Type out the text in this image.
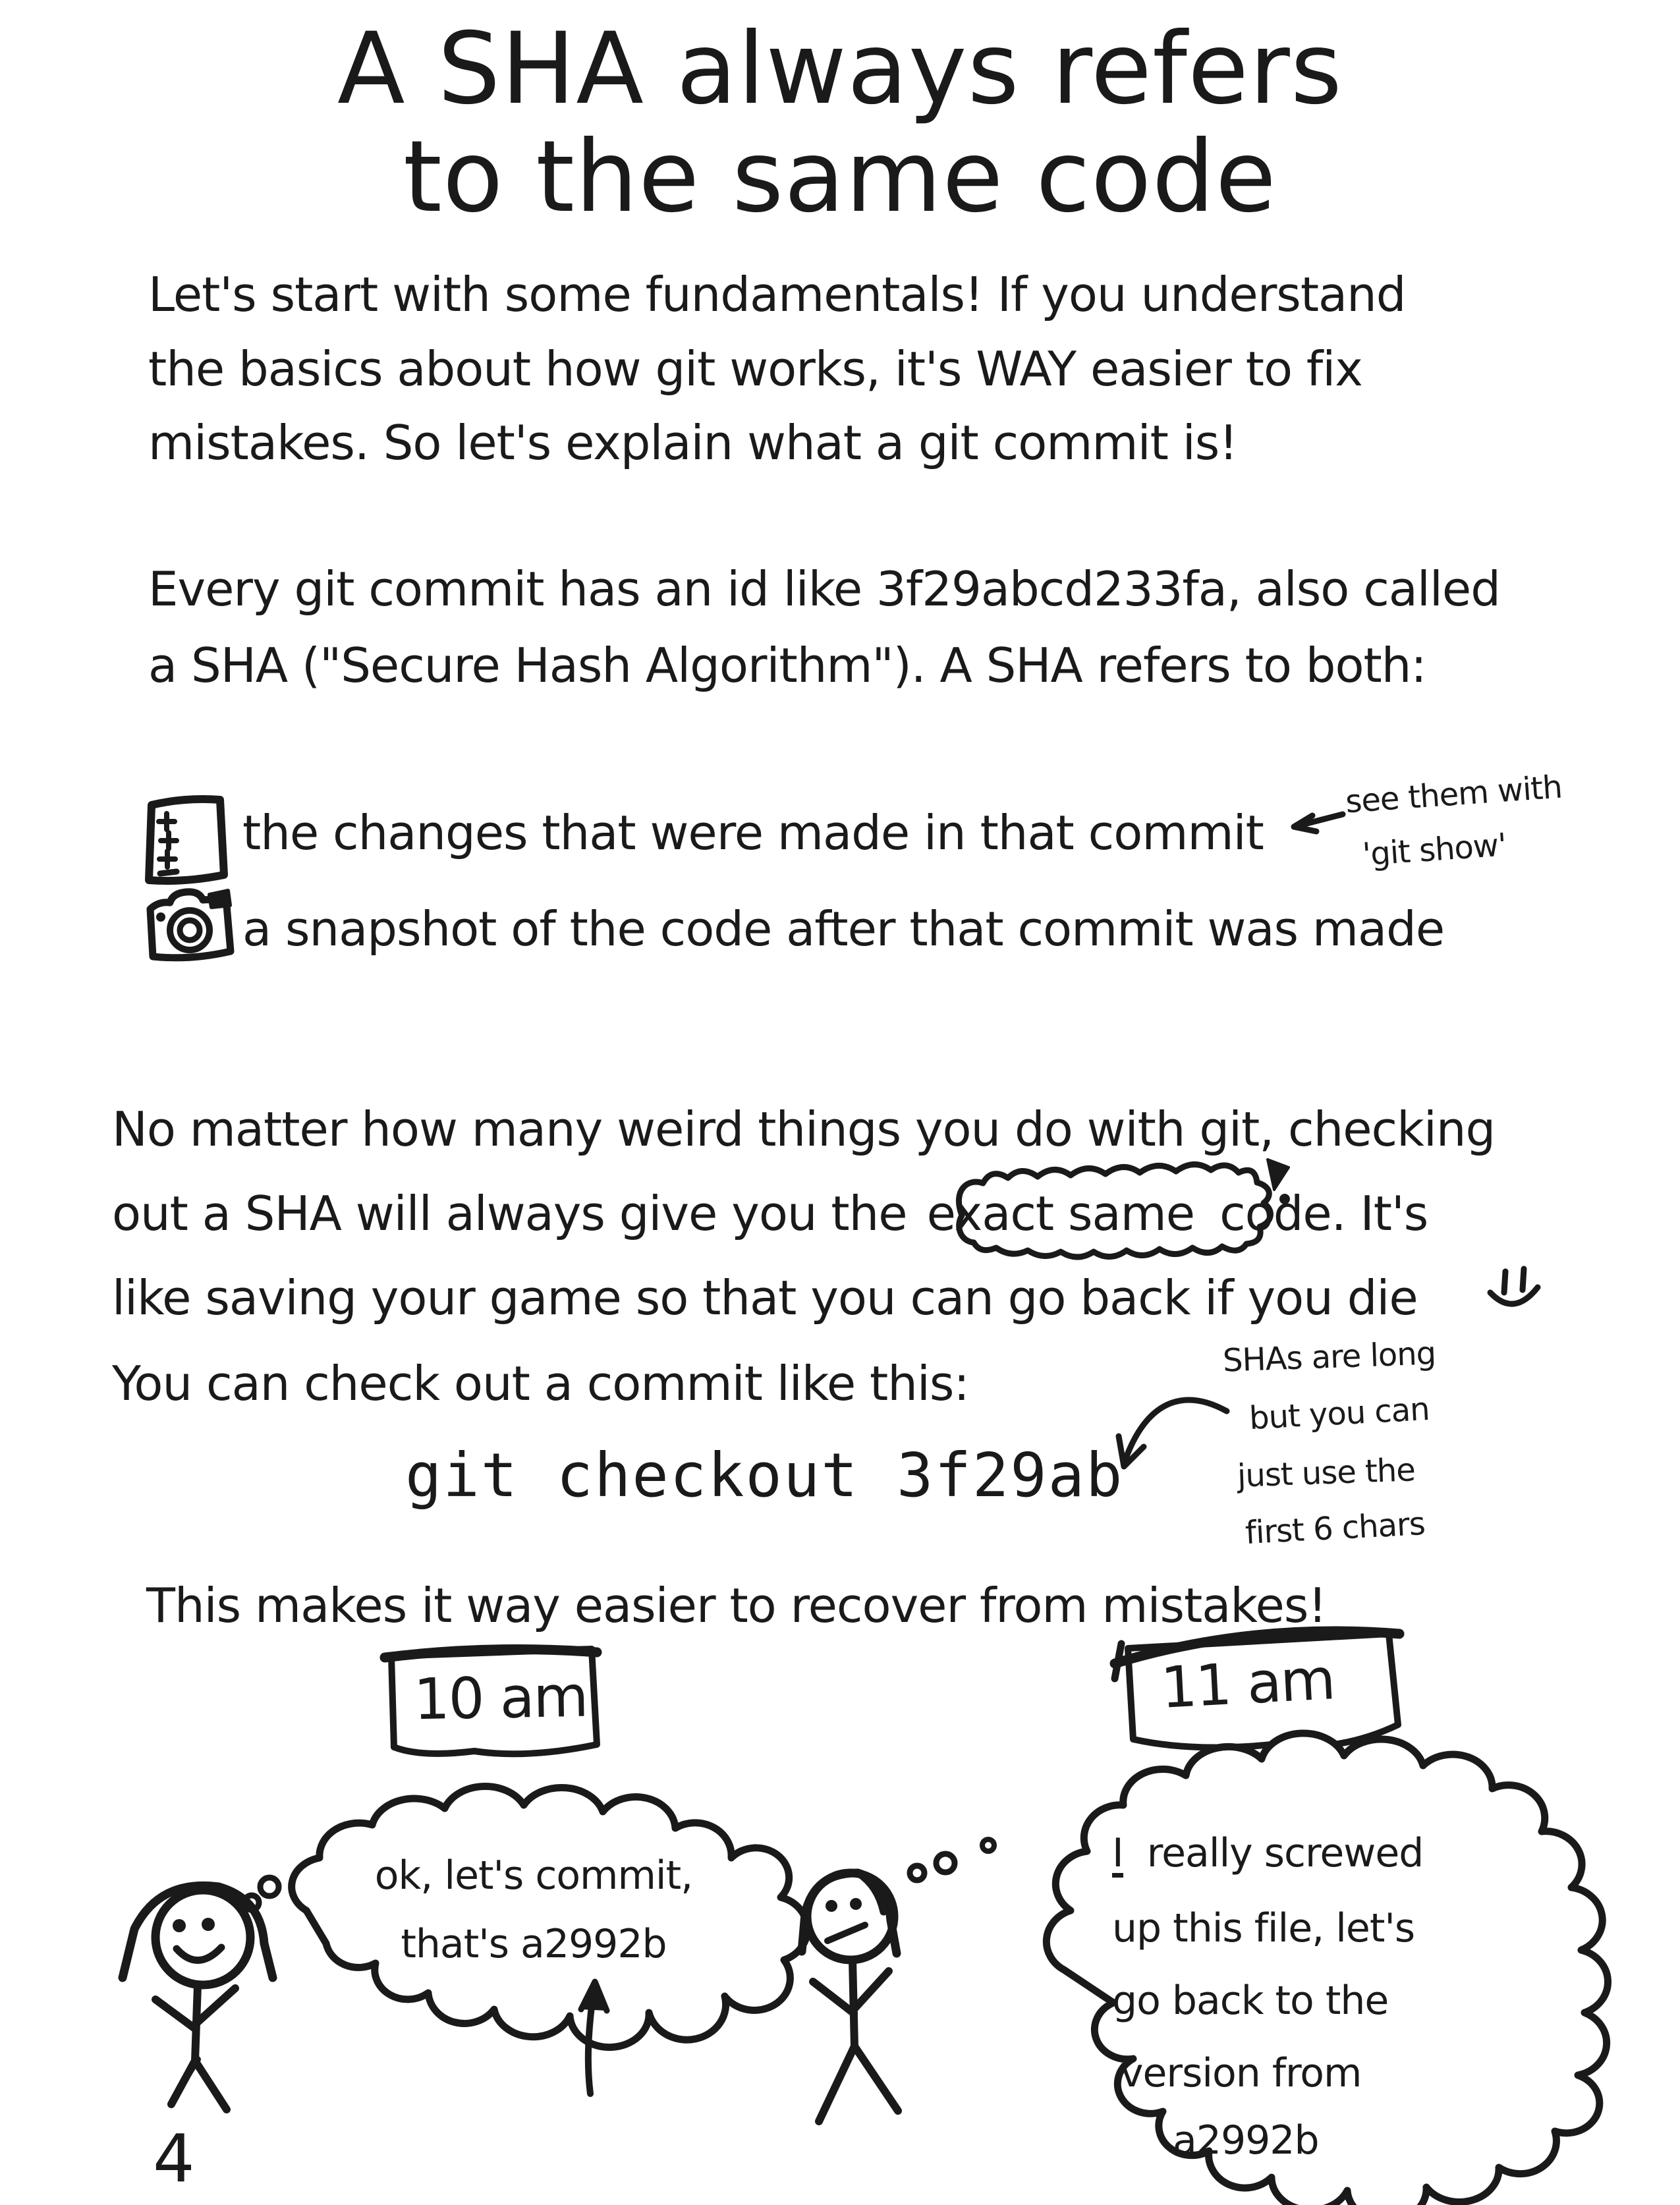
A SHA always refers
to the same code
Let's start with some fundamentals! If you understand
the basics about how git works, it's WAY easier to fix
mistakes. So let's explain what a git commit is!
Every git commit has an id like 3f29abcd233fa, also called
a SHA ("Secure Hash Algorithm"). A SHA refers to both:
the changes that were made in that commit
a snapshot of the code after that commit was made
see them with
'git show'
No matter how many weird things you do with git, checking
out a SHA will always give you the exact same code. It's
like saving your game so that you can go back if you die
You can check out a commit like this:	SHAs are long
but you can
just use the
first 6 chars
git checkout 3f29ab
This makes it way easier to recover from mistakes!
10 am	11 am
ok, let's commit,
that's a2992b
I really screwed
up this file, let's
go back to the
version from
a2992b
4
